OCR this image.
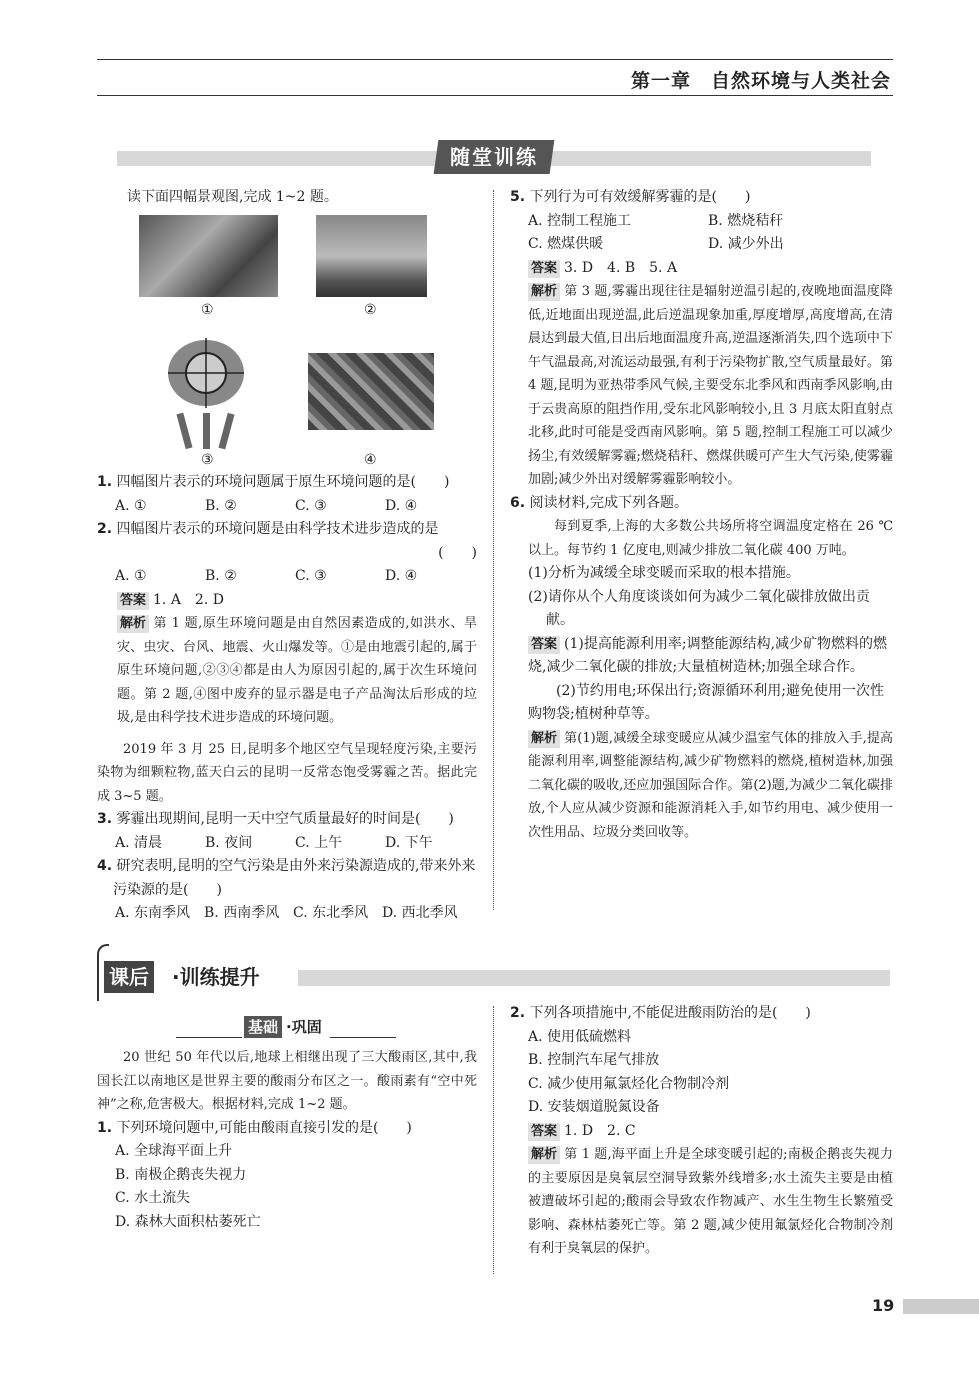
第一章　自然环境与人类社会
随堂训练

读下面四幅景观图,完成 1~2 题。

①	②
③	④

1. 四幅图片表示的环境问题属于原生环境问题的是(　　)

A. ①	B. ②	C. ③	D. ④

2. 四幅图片表示的环境问题是由科学技术进步造成的是

(　　)

A. ①	B. ②	C. ③	D. ④

答案 1. A　2. D

解析 第 1 题,原生环境问题是由自然因素造成的,如洪水、旱灾、虫灾、台风、地震、火山爆发等。①是由地震引起的,属于原生环境问题,②③④都是由人为原因引起的,属于次生环境问题。第 2 题,④图中废弃的显示器是电子产品淘汰后形成的垃圾,是由科学技术进步造成的环境问题。

2019 年 3 月 25 日,昆明多个地区空气呈现轻度污染,主要污染物为细颗粒物,蓝天白云的昆明一反常态饱受雾霾之苦。据此完成 3~5 题。

3. 雾霾出现期间,昆明一天中空气质量最好的时间是(　　)

A. 清晨	B. 夜间	C. 上午	D. 下午

4. 研究表明,昆明的空气污染是由外来污染源造成的,带来外来污染源的是(　　)

A. 东南季风 B. 西南季风 C. 东北季风 D. 西北季风

5. 下列行为可有效缓解雾霾的是(　　)

A. 控制工程施工	B. 燃烧秸秆
C. 燃煤供暖	D. 减少外出

答案 3. D　4. B　5. A

解析 第 3 题,雾霾出现往往是辐射逆温引起的,夜晚地面温度降低,近地面出现逆温,此后逆温现象加重,厚度增厚,高度增高,在清晨达到最大值,日出后地面温度升高,逆温逐渐消失,四个选项中下午气温最高,对流运动最强,有利于污染物扩散,空气质量最好。第 4 题,昆明为亚热带季风气候,主要受东北季风和西南季风影响,由于云贵高原的阻挡作用,受东北风影响较小,且 3 月底太阳直射点北移,此时可能是受西南风影响。第 5 题,控制工程施工可以减少扬尘,有效缓解雾霾;燃烧秸秆、燃煤供暖可产生大气污染,使雾霾加剧;减少外出对缓解雾霾影响较小。

6. 阅读材料,完成下列各题。

每到夏季,上海的大多数公共场所将空调温度定格在 26 ℃以上。每节约 1 亿度电,则减少排放二氧化碳 400 万吨。

(1)分析为减缓全球变暖而采取的根本措施。

(2)请你从个人角度谈谈如何为减少二氧化碳排放做出贡献。

答案 (1)提高能源利用率;调整能源结构,减少矿物燃料的燃烧,减少二氧化碳的排放;大量植树造林;加强全球合作。

(2)节约用电;环保出行;资源循环利用;避免使用一次性购物袋;植树种草等。

解析 第(1)题,减缓全球变暖应从减少温室气体的排放入手,提高能源利用率,调整能源结构,减少矿物燃料的燃烧,植树造林,加强二氧化碳的吸收,还应加强国际合作。第(2)题,为减少二氧化碳排放,个人应从减少资源和能源消耗入手,如节约用电、减少使用一次性用品、垃圾分类回收等。

课后 ·训练提升
基础 ·巩固

20 世纪 50 年代以后,地球上相继出现了三大酸雨区,其中,我国长江以南地区是世界主要的酸雨分布区之一。酸雨素有“空中死神”之称,危害极大。根据材料,完成 1~2 题。

1. 下列环境问题中,可能由酸雨直接引发的是(　　)

A. 全球海平面上升

B. 南极企鹅丧失视力

C. 水土流失

D. 森林大面积枯萎死亡

2. 下列各项措施中,不能促进酸雨防治的是(　　)

A. 使用低硫燃料

B. 控制汽车尾气排放

C. 减少使用氟氯烃化合物制冷剂

D. 安装烟道脱氮设备

答案 1. D　2. C

解析 第 1 题,海平面上升是全球变暖引起的;南极企鹅丧失视力的主要原因是臭氧层空洞导致紫外线增多;水土流失主要是由植被遭破坏引起的;酸雨会导致农作物减产、水生生物生长繁殖受影响、森林枯萎死亡等。第 2 题,减少使用氟氯烃化合物制冷剂有利于臭氧层的保护。

19
